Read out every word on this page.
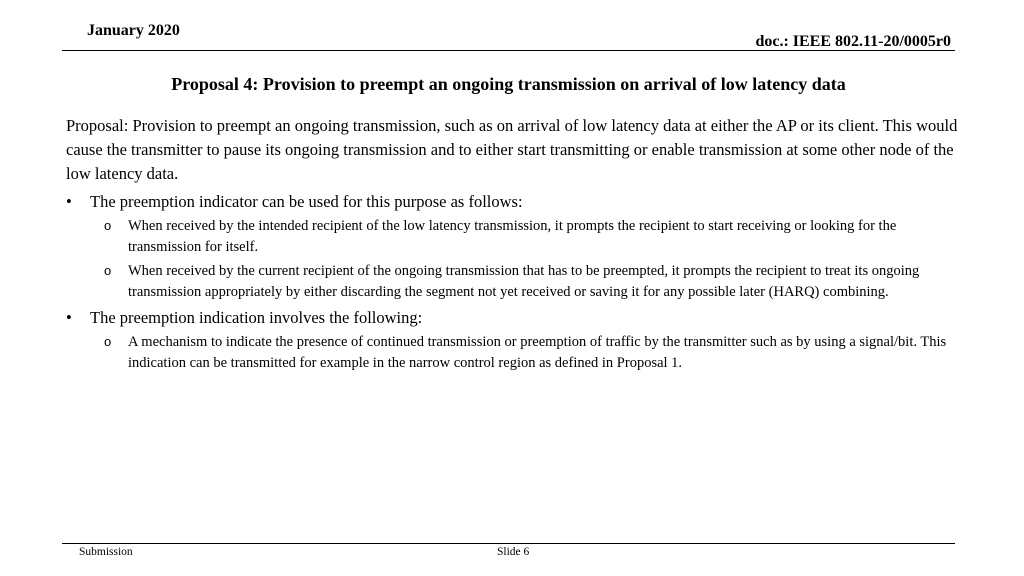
January 2020
doc.: IEEE 802.11-20/0005r0
Proposal 4: Provision to preempt an ongoing transmission on arrival of low latency data

Proposal: Provision to preempt an ongoing transmission, such as on arrival of low latency data at either the AP or its client. This would cause the transmitter to pause its ongoing transmission and to either start transmitting or enable transmission at some other node of the low latency data.

• The preemption indicator can be used for this purpose as follows:
o When received by the intended recipient of the low latency transmission, it prompts the recipient to start receiving or looking for the transmission for itself.
o When received by the current recipient of the ongoing transmission that has to be preempted, it prompts the recipient to treat its ongoing transmission appropriately by either discarding the segment not yet received or saving it for any possible later (HARQ) combining.
• The preemption indication involves the following:
o A mechanism to indicate the presence of continued transmission or preemption of traffic by the transmitter such as by using a signal/bit. This indication can be transmitted for example in the narrow control region as defined in Proposal 1.
Submission	Slide 6
